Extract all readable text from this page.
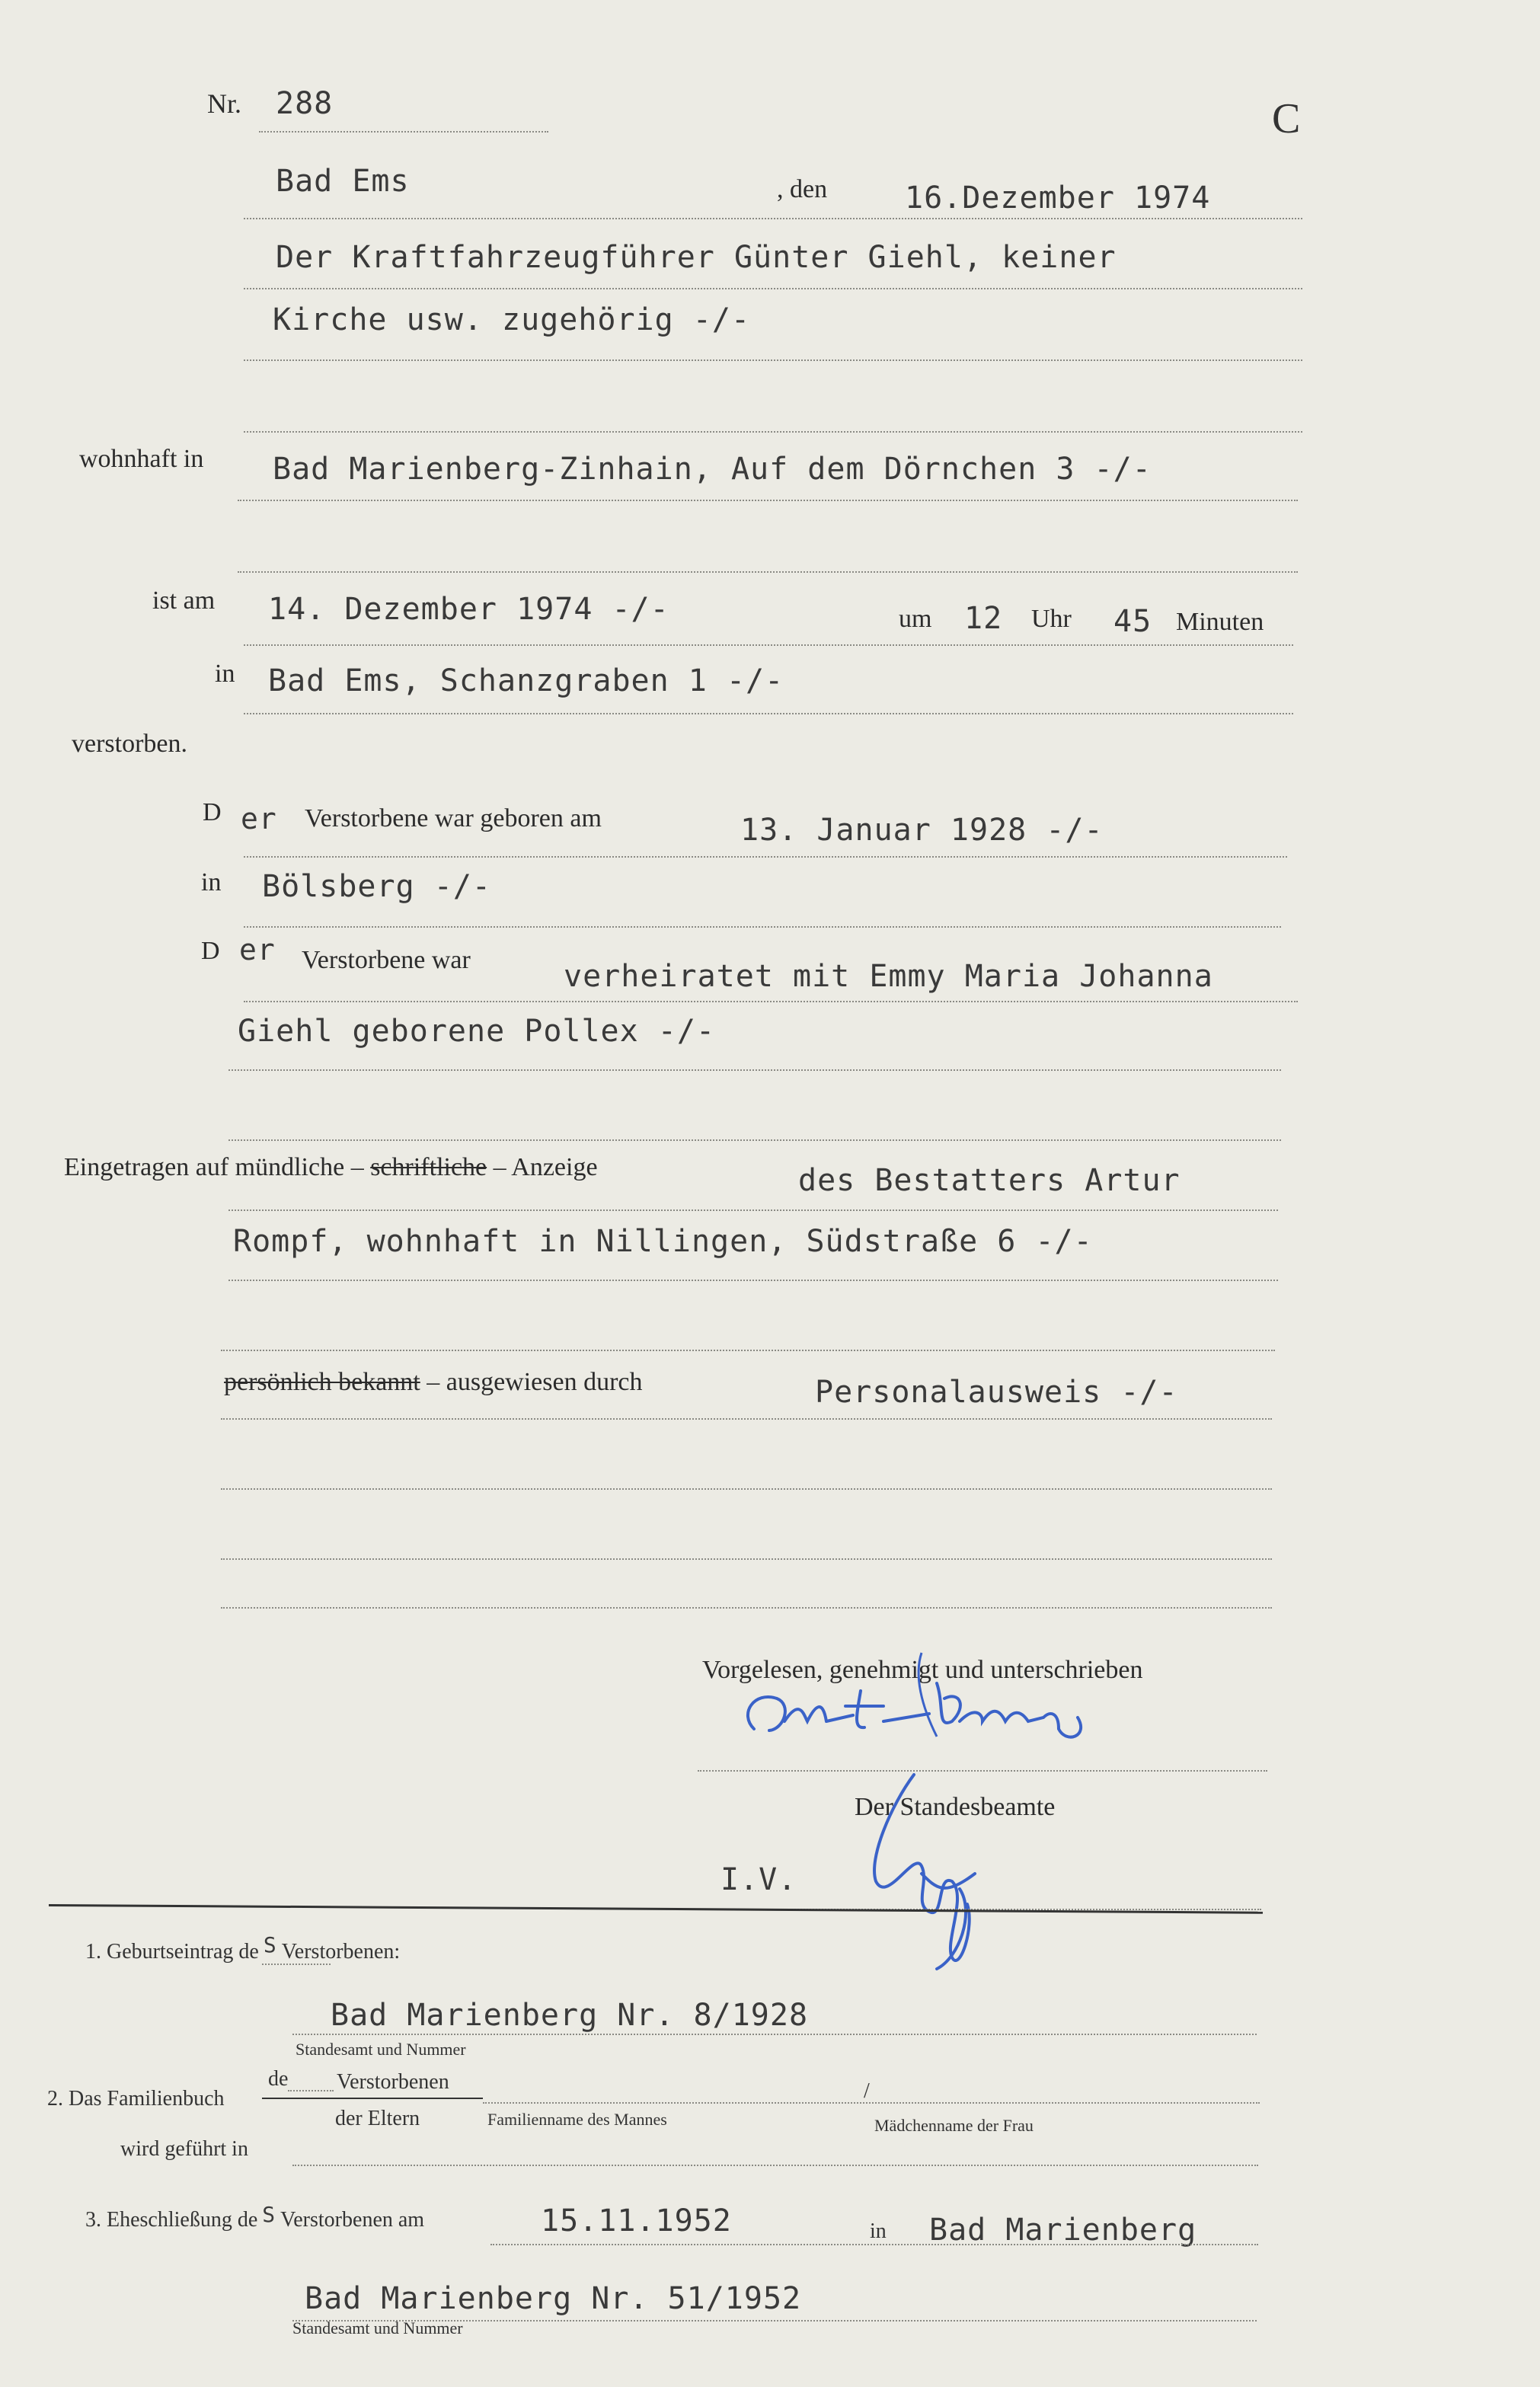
Nr. 288	C
Bad Ems	, den	16.Dezember 1974
Der Kraftfahrzeugführer Günter Giehl, keiner
Kirche usw. zugehörig -/-
wohnhaft in Bad Marienberg-Zinhain, Auf dem Dörnchen 3 -/-
ist am 14. Dezember 1974 -/-	um 12 Uhr 45 Minuten
in Bad Ems, Schanzgraben 1 -/-
verstorben.
D er Verstorbene war geboren am	13. Januar 1928 -/-
in Bölsberg -/-
D er Verstorbene war	verheiratet mit Emmy Maria Johanna
Giehl geborene Pollex -/-
Eingetragen auf mündliche – schriftliche – Anzeige	des Bestatters Artur
Rompf, wohnhaft in Nillingen, Südstraße 6 -/-
persönlich bekannt – ausgewiesen durch	Personalausweis -/-
Vorgelesen, genehmigt und unterschrieben
Der Standesbeamte
I.V.
1. Geburtseintrag de S Verstorbenen:
Bad Marienberg Nr. 8/1928
Standesamt und Nummer
2. Das Familienbuch
de Verstorbenen
der Eltern	Familienname des Mannes
/
Mädchenname der Frau
wird geführt in
3. Eheschließung de S Verstorbenen am	15.11.1952	in Bad Marienberg
Bad Marienberg Nr. 51/1952
Standesamt und Nummer
